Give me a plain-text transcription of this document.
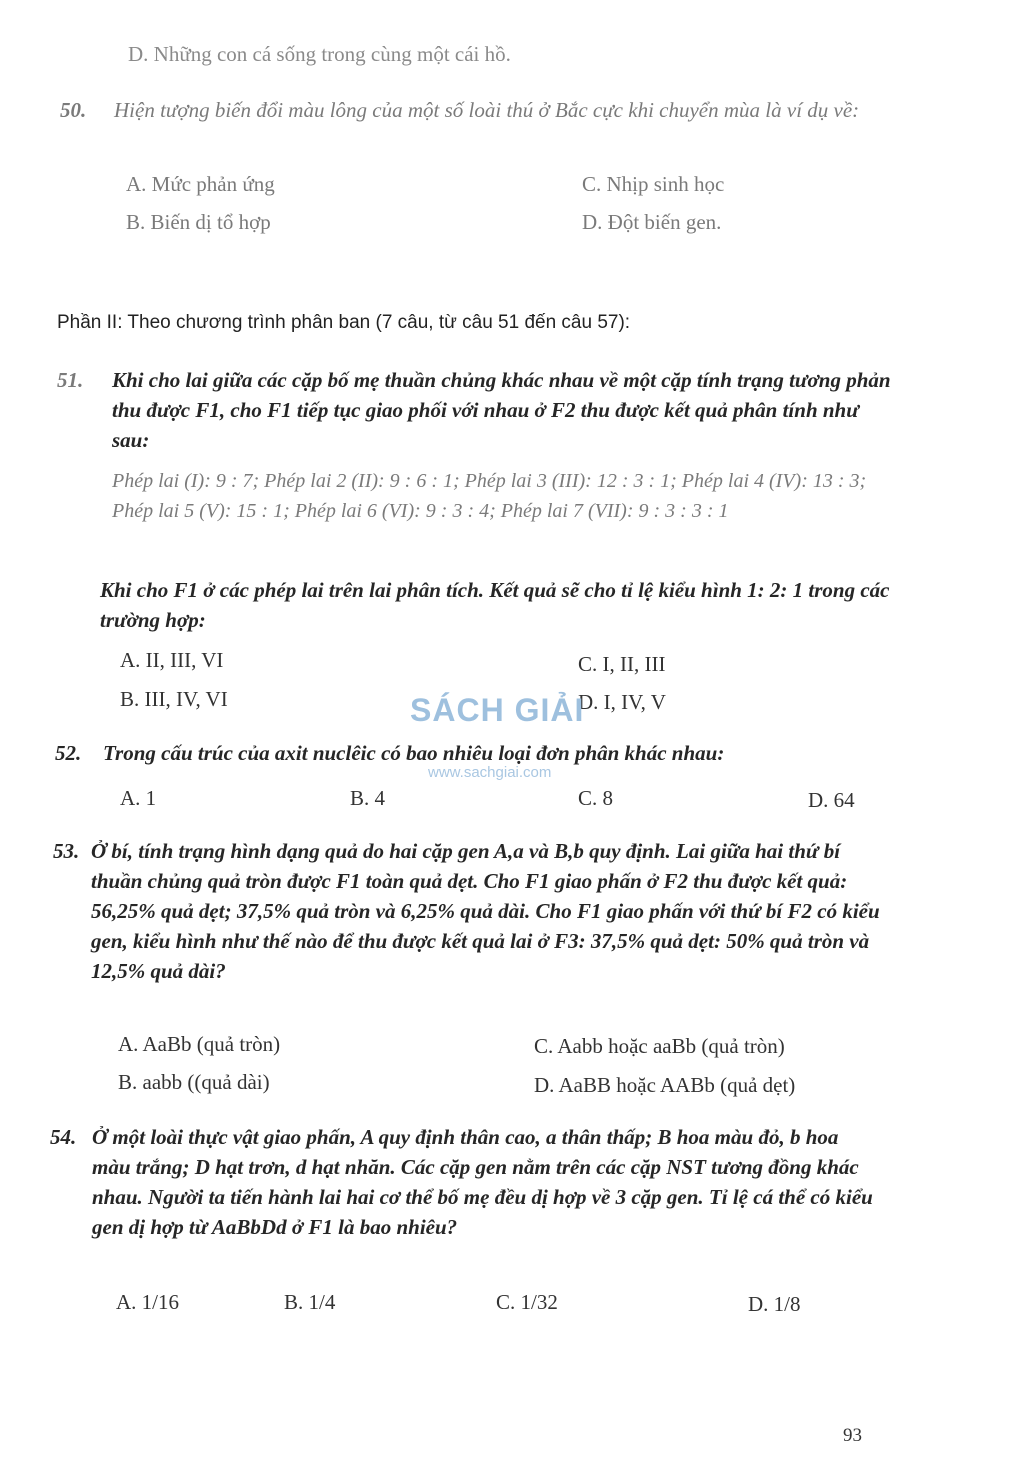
D. Những con cá sống trong cùng một cái hồ.
50. Hiện tượng biến đổi màu lông của một số loài thú ở Bắc cực khi chuyển mùa là ví dụ về:
A. Mức phản ứng
B. Biến dị tổ hợp
C. Nhịp sinh học
D. Đột biến gen.
Phần II: Theo chương trình phân ban (7 câu, từ câu 51 đến câu 57):
51. Khi cho lai giữa các cặp bố mẹ thuần chủng khác nhau về một cặp tính trạng tương phản thu được F1, cho F1 tiếp tục giao phối với nhau ở F2 thu được kết quả phân tính như sau:
Phép lai (I): 9 : 7; Phép lai 2 (II): 9 : 6 : 1; Phép lai 3 (III): 12 : 3 : 1; Phép lai 4 (IV): 13 : 3; Phép lai 5 (V): 15 : 1; Phép lai 6 (VI): 9 : 3 : 4; Phép lai 7 (VII): 9 : 3 : 3 : 1
Khi cho F1 ở các phép lai trên lai phân tích. Kết quả sẽ cho tỉ lệ kiểu hình 1: 2: 1 trong các trường hợp:
A. II, III, VI
B. III, IV, VI
C. I, II, III
D. I, IV, V
SÁCH GIẢI
www.sachgiai.com
52. Trong cấu trúc của axit nuclêic có bao nhiêu loại đơn phân khác nhau:
A. 1	B. 4	C. 8	D. 64
53. Ở bí, tính trạng hình dạng quả do hai cặp gen A,a và B,b quy định. Lai giữa hai thứ bí thuần chủng quả tròn được F1 toàn quả dẹt. Cho F1 giao phấn ở F2 thu được kết quả: 56,25% quả dẹt; 37,5% quả tròn và 6,25% quả dài. Cho F1 giao phấn với thứ bí F2 có kiểu gen, kiểu hình như thế nào để thu được kết quả lai ở F3: 37,5% quả dẹt: 50% quả tròn và 12,5% quả dài?
A. AaBb (quả tròn)
B. aabb ((quả dài)
C. Aabb hoặc aaBb (quả tròn)
D. AaBB hoặc AABb (quả dẹt)
54. Ở một loài thực vật giao phấn, A quy định thân cao, a thân thấp; B hoa màu đỏ, b hoa màu trắng; D hạt trơn, d hạt nhăn. Các cặp gen nằm trên các cặp NST tương đồng khác nhau. Người ta tiến hành lai hai cơ thể bố mẹ đều dị hợp về 3 cặp gen. Tỉ lệ cá thể có kiểu gen dị hợp từ AaBbDd ở F1 là bao nhiêu?
A. 1/16	B. 1/4	C. 1/32	D. 1/8
93
